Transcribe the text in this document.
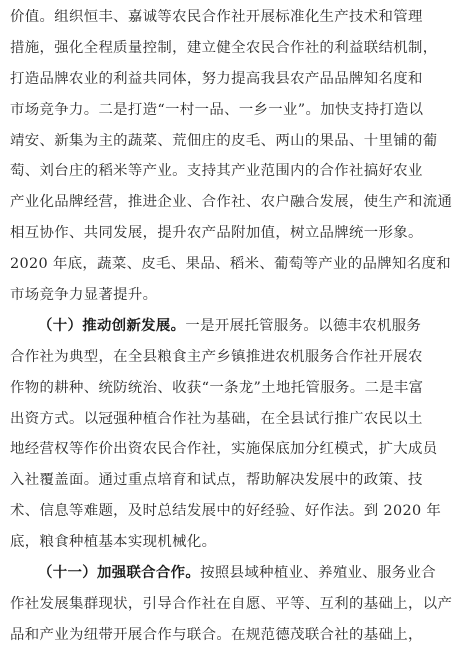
价值。组织恒丰、嘉诚等农民合作社开展标准化生产技术和管理
措施，强化全程质量控制，建立健全农民合作社的利益联结机制，
打造品牌农业的利益共同体，努力提高我县农产品品牌知名度和
市场竞争力。二是打造“一村一品、一乡一业”。加快支持打造以
靖安、新集为主的蔬菜、荒佃庄的皮毛、两山的果品、十里铺的葡
萄、刘台庄的稻米等产业。支持其产业范围内的合作社搞好农业
产业化品牌经营，推进企业、合作社、农户融合发展，使生产和流通
相互协作、共同发展，提升农产品附加值，树立品牌统一形象。
2020 年底，蔬菜、皮毛、果品、稻米、葡萄等产业的品牌知名度和
市场竞争力显著提升。
（十）推动创新发展。一是开展托管服务。以德丰农机服务
合作社为典型，在全县粮食主产乡镇推进农机服务合作社开展农
作物的耕种、统防统治、收获“一条龙”土地托管服务。二是丰富
出资方式。以冠强种植合作社为基础，在全县试行推广农民以土
地经营权等作价出资农民合作社，实施保底加分红模式，扩大成员
入社覆盖面。通过重点培育和试点，帮助解决发展中的政策、技
术、信息等难题，及时总结发展中的好经验、好作法。到 2020 年
底，粮食种植基本实现机械化。
（十一）加强联合合作。按照县域种植业、养殖业、服务业合
作社发展集群现状，引导合作社在自愿、平等、互利的基础上，以产
品和产业为纽带开展合作与联合。在规范德茂联合社的基础上，
